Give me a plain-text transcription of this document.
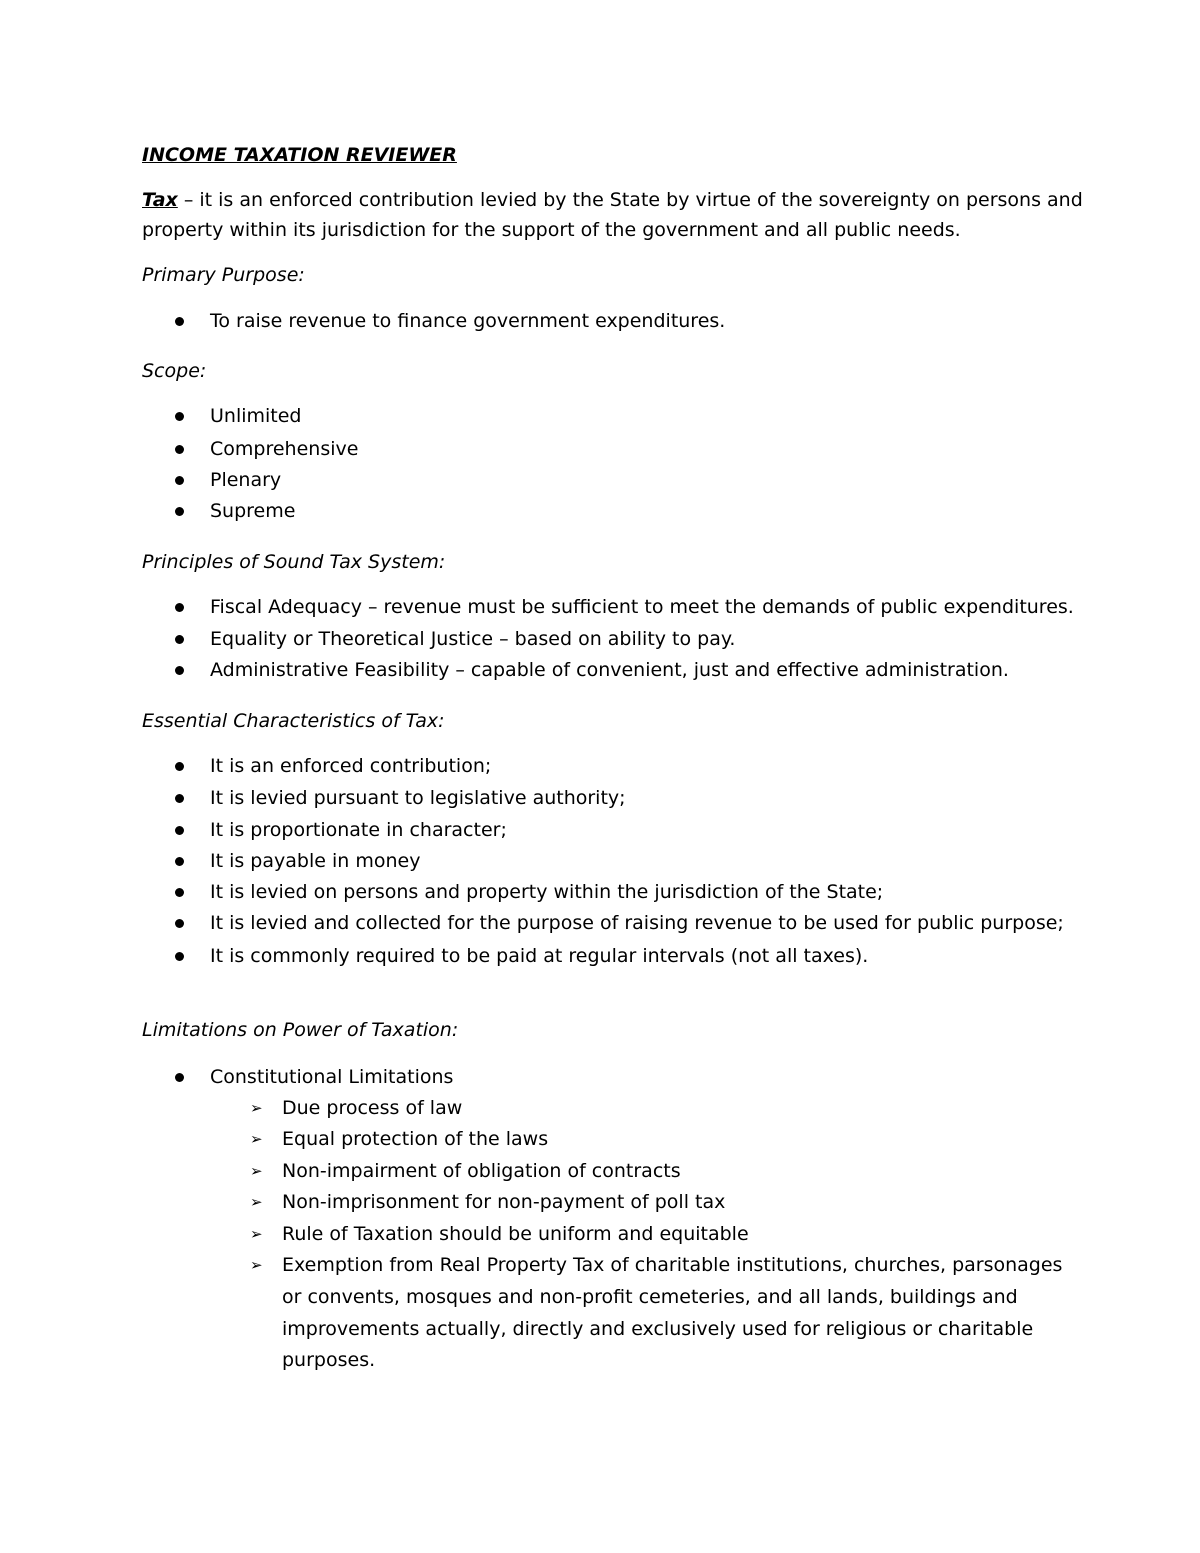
INCOME TAXATION REVIEWER
Tax – it is an enforced contribution levied by the State by virtue of the sovereignty on persons and
property within its jurisdiction for the support of the government and all public needs.
Primary Purpose:
To raise revenue to finance government expenditures.
Scope:
Unlimited
Comprehensive
Plenary
Supreme
Principles of Sound Tax System:
Fiscal Adequacy – revenue must be sufficient to meet the demands of public expenditures.
Equality or Theoretical Justice – based on ability to pay.
Administrative Feasibility – capable of convenient, just and effective administration.
Essential Characteristics of Tax:
It is an enforced contribution;
It is levied pursuant to legislative authority;
It is proportionate in character;
It is payable in money
It is levied on persons and property within the jurisdiction of the State;
It is levied and collected for the purpose of raising revenue to be used for public purpose;
It is commonly required to be paid at regular intervals (not all taxes).
Limitations on Power of Taxation:
Constitutional Limitations
➢ Due process of law
➢ Equal protection of the laws
➢ Non-impairment of obligation of contracts
➢ Non-imprisonment for non-payment of poll tax
➢ Rule of Taxation should be uniform and equitable
➢ Exemption from Real Property Tax of charitable institutions, churches, parsonages
or convents, mosques and non-profit cemeteries, and all lands, buildings and
improvements actually, directly and exclusively used for religious or charitable
purposes.
